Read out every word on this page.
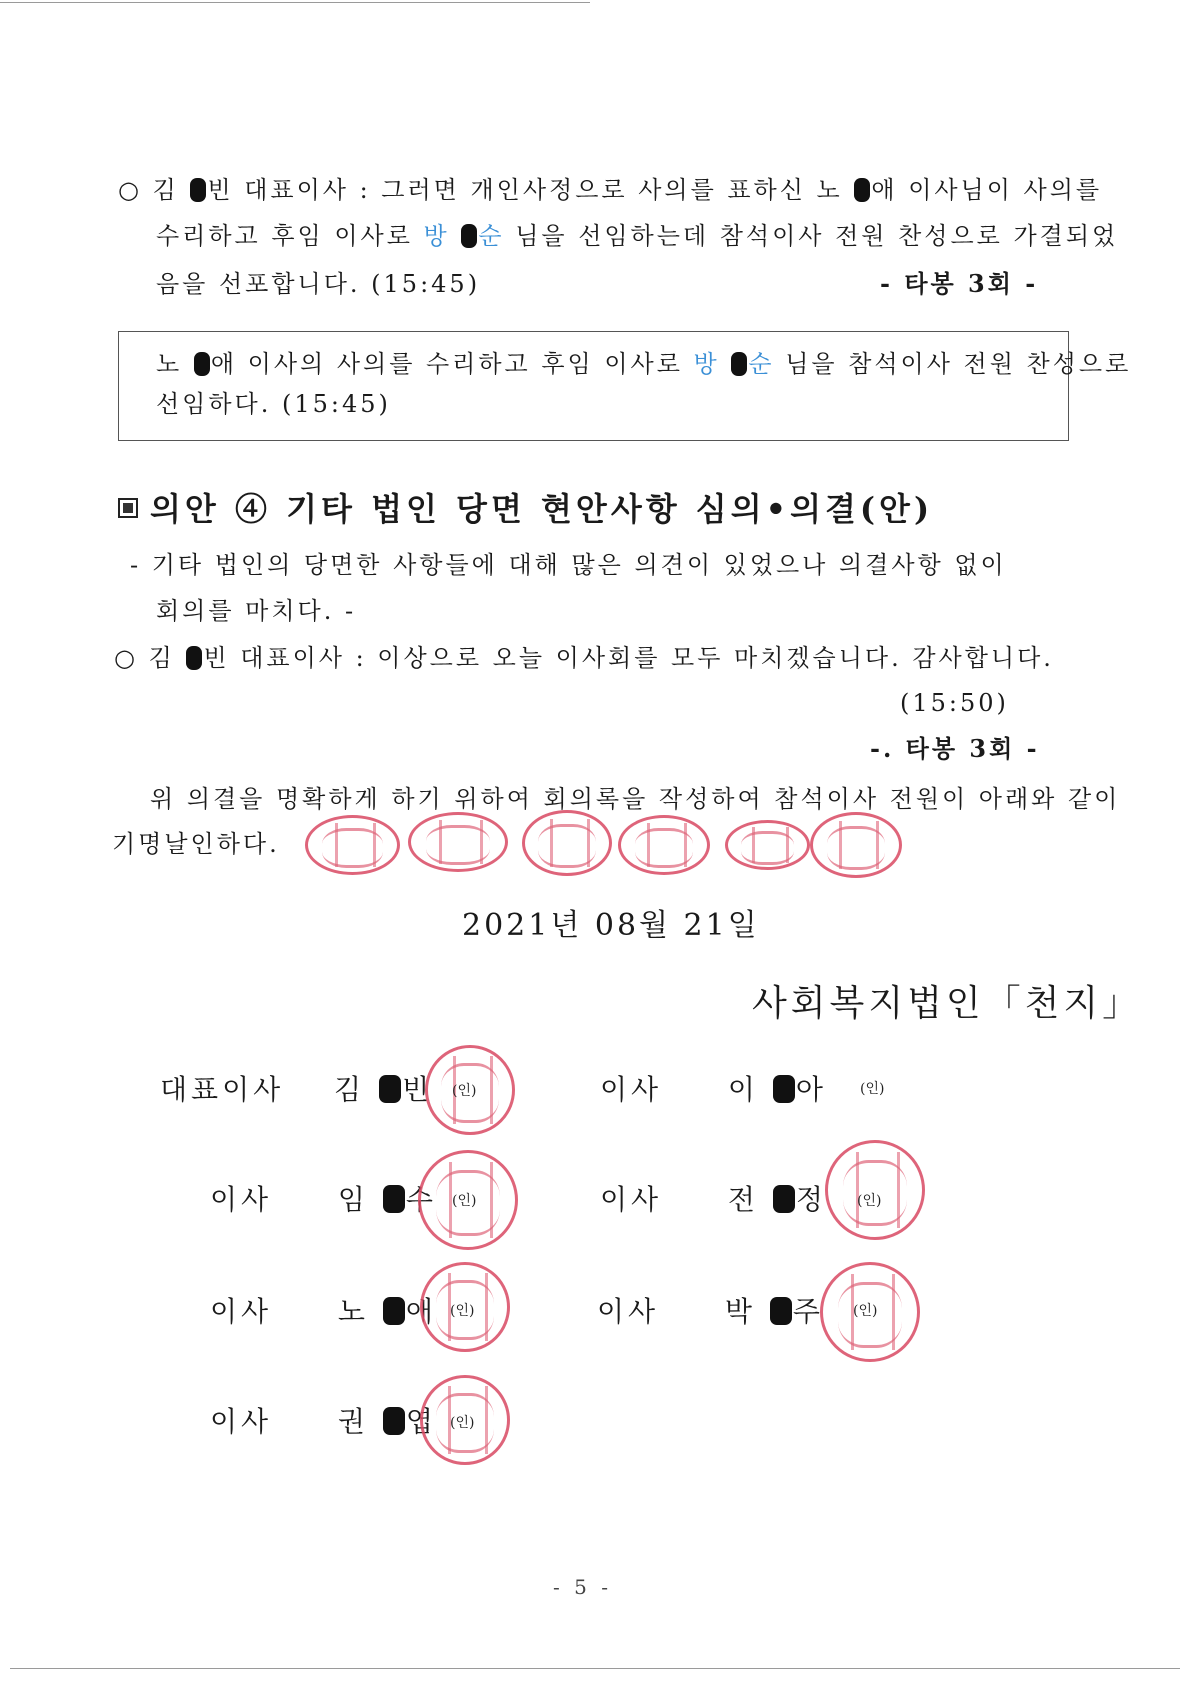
○ 김 빈 대표이사 : 그러면 개인사정으로 사의를 표하신 노 애 이사님이 사의를
수리하고 후임 이사로 방 순 님을 선임하는데 참석이사 전원 찬성으로 가결되었
음을 선포합니다. (15:45)	- 타봉 3회 -
노 애 이사의 사의를 수리하고 후임 이사로 방 순 님을 참석이사 전원 찬성으로
선임하다. (15:45)
의안 ④ 기타 법인 당면 현안사항 심의•의결(안)
- 기타 법인의 당면한 사항들에 대해 많은 의견이 있었으나 의결사항 없이
회의를 마치다. -
○ 김 빈 대표이사 : 이상으로 오늘 이사회를 모두 마치겠습니다. 감사합니다.
(15:50)
-. 타봉 3회 -
위 의결을 명확하게 하기 위하여 회의록을 작성하여 참석이사 전원이 아래와 같이
기명날인하다.
2021년 08월 21일
사회복지법인「천지」
대표이사 김 빈 (인)	이사 이 아 (인)
이사 임 수 (인)	이사 전 정 (인)
이사 노 애 (인)	이사 박 주 (인)
이사 권 엽 (인)
- 5 -
